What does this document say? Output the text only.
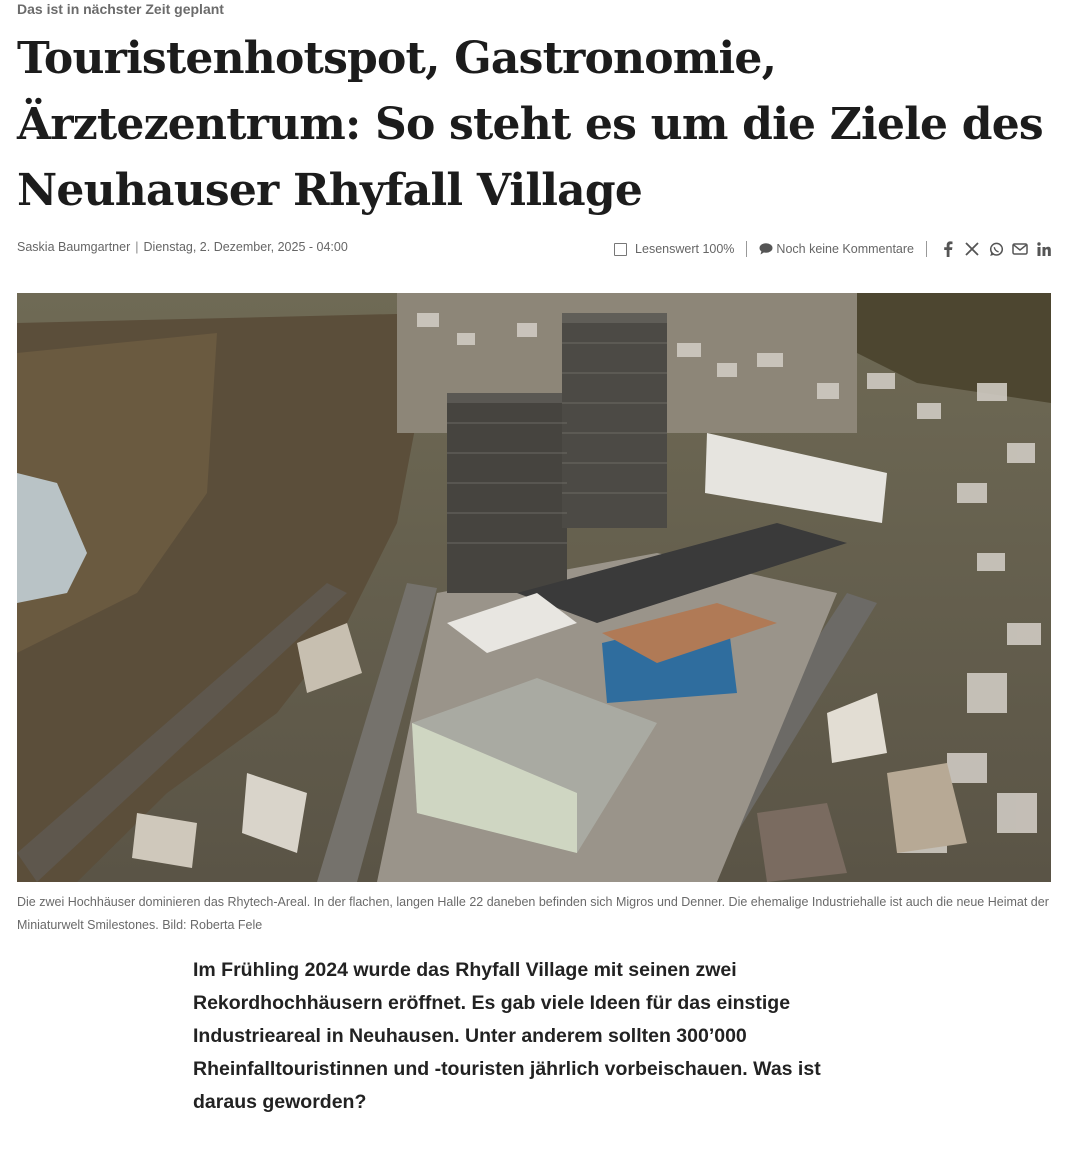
Das ist in nächster Zeit geplant
Touristenhotspot, Gastronomie, Ärztezentrum: So steht es um die Ziele des Neuhauser Rhyfall Village
Saskia Baumgartner | Dienstag, 2. Dezember, 2025 - 04:00	Lesenswert 100%	Noch keine Kommentare
Die zwei Hochhäuser dominieren das Rhytech-Areal. In der flachen, langen Halle 22 daneben befinden sich Migros und Denner. Die ehemalige Industriehalle ist auch die neue Heimat der Miniaturwelt Smilestones. Bild: Roberta Fele

Im Frühling 2024 wurde das Rhyfall Village mit seinen zwei Rekordhochhäusern eröffnet. Es gab viele Ideen für das einstige Industrieareal in Neuhausen. Unter anderem sollten 300’000 Rheinfalltouristinnen und -touristen jährlich vorbeischauen. Was ist daraus geworden?
